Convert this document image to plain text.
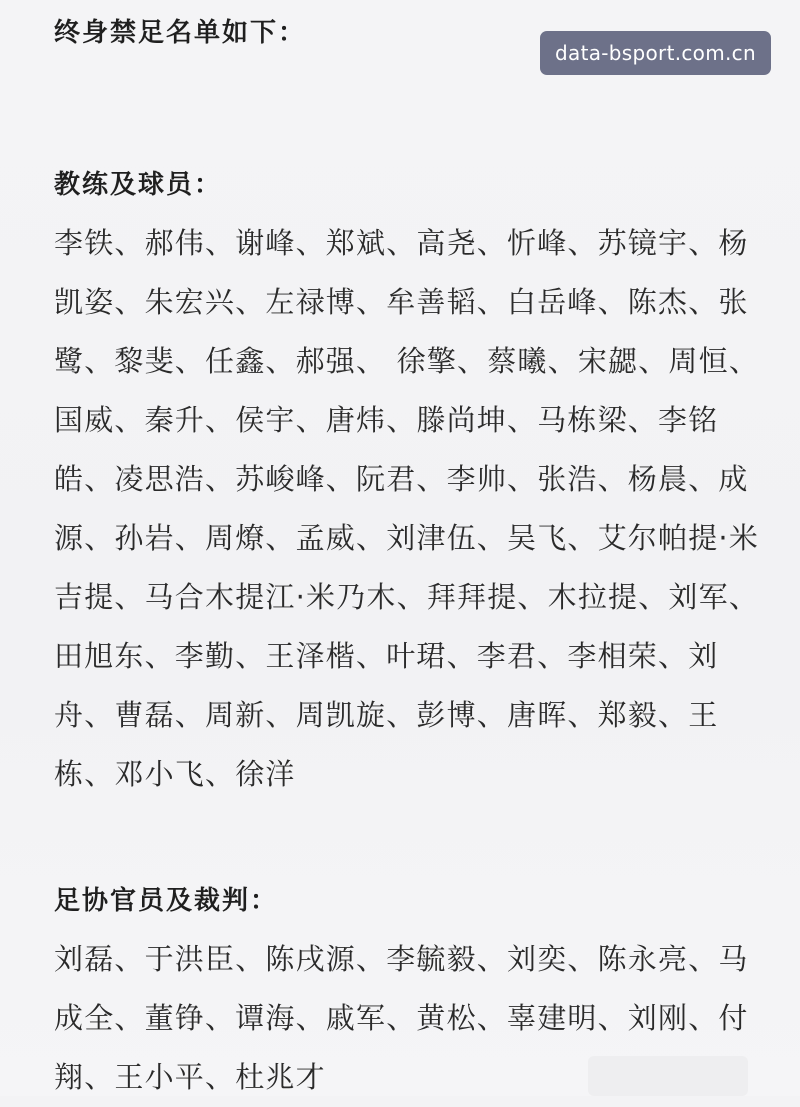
终身禁足名单如下：
data-bsport.com.cn
教练及球员：
李铁、郝伟、谢峰、郑斌、高尧、忻峰、苏镜宇、杨
凯姿、朱宏兴、左禄博、牟善韬、白岳峰、陈杰、张
鹭、黎斐、任鑫、郝强、 徐擎、蔡曦、宋勰、周恒、
国威、秦升、侯宇、唐炜、滕尚坤、马栋梁、李铭
皓、凌思浩、苏峻峰、阮君、李帅、张浩、杨晨、成
源、孙岩、周燎、孟威、刘津伍、吴飞、艾尔帕提·米
吉提、马合木提江·米乃木、拜拜提、木拉提、刘军、
田旭东、李勤、王泽楷、叶珺、李君、李相荣、刘
舟、曹磊、周新、周凯旋、彭博、唐晖、郑毅、王
栋、邓小飞、徐洋
足协官员及裁判：
刘磊、于洪臣、陈戌源、李毓毅、刘奕、陈永亮、马
成全、董铮、谭海、戚军、黄松、辜建明、刘刚、付
翔、王小平、杜兆才
